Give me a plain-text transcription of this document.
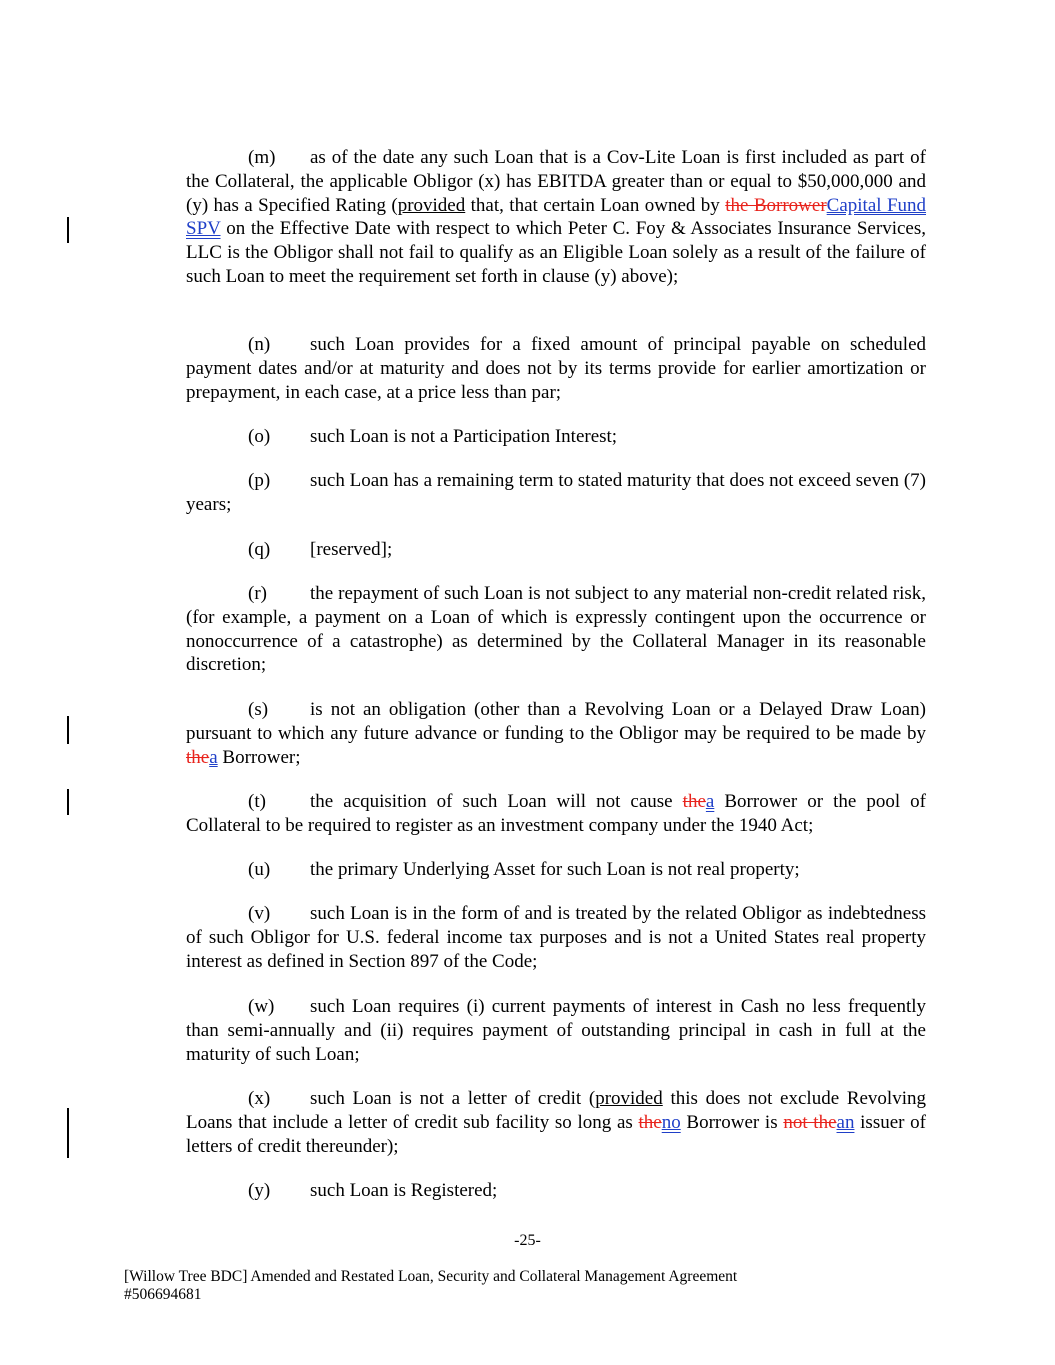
(m) as of the date any such Loan that is a Cov-Lite Loan is first included as part of the Collateral, the applicable Obligor (x) has EBITDA greater than or equal to $50,000,000 and (y) has a Specified Rating (provided that, that certain Loan owned by the BorrowerCapital Fund SPV on the Effective Date with respect to which Peter C. Foy & Associates Insurance Services, LLC is the Obligor shall not fail to qualify as an Eligible Loan solely as a result of the failure of such Loan to meet the requirement set forth in clause (y) above);

(n) such Loan provides for a fixed amount of principal payable on scheduled payment dates and/or at maturity and does not by its terms provide for earlier amortization or prepayment, in each case, at a price less than par;

(o) such Loan is not a Participation Interest;

(p) such Loan has a remaining term to stated maturity that does not exceed seven (7) years;

(q) [reserved];

(r) the repayment of such Loan is not subject to any material non-credit related risk, (for example, a payment on a Loan of which is expressly contingent upon the occurrence or nonoccurrence of a catastrophe) as determined by the Collateral Manager in its reasonable discretion;

(s) is not an obligation (other than a Revolving Loan or a Delayed Draw Loan) pursuant to which any future advance or funding to the Obligor may be required to be made by thea Borrower;

(t) the acquisition of such Loan will not cause thea Borrower or the pool of Collateral to be required to register as an investment company under the 1940 Act;

(u) the primary Underlying Asset for such Loan is not real property;

(v) such Loan is in the form of and is treated by the related Obligor as indebtedness of such Obligor for U.S. federal income tax purposes and is not a United States real property interest as defined in Section 897 of the Code;

(w) such Loan requires (i) current payments of interest in Cash no less frequently than semi-annually and (ii) requires payment of outstanding principal in cash in full at the maturity of such Loan;

(x) such Loan is not a letter of credit (provided this does not exclude Revolving Loans that include a letter of credit sub facility so long as theno Borrower is not thean issuer of letters of credit thereunder);

(y) such Loan is Registered;

-25-
[Willow Tree BDC] Amended and Restated Loan, Security and Collateral Management Agreement
#506694681
